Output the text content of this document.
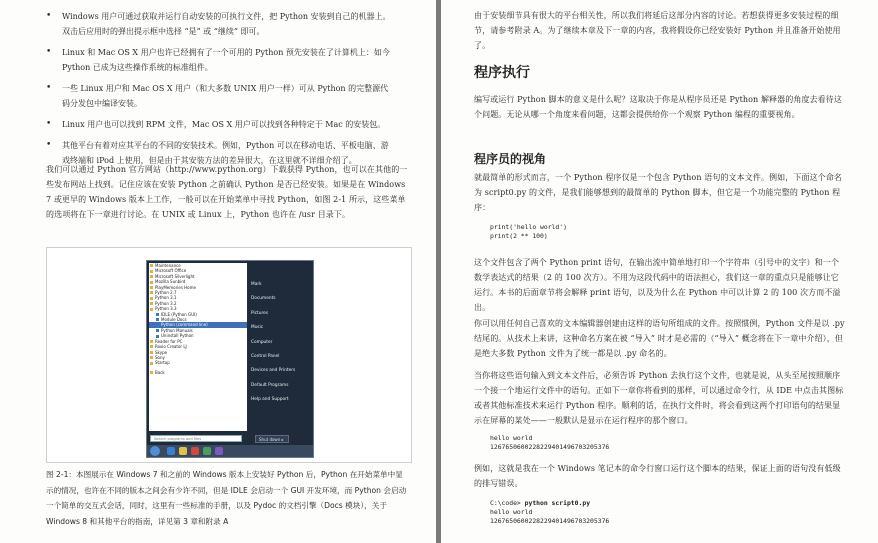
• Windows 用户可通过获取并运行自动安装的可执行文件，把 Python 安装到自己的机器上。双击后应用时的弹出提示框中选择 “是” 或 “继续” 即可。
• Linux 和 Mac OS X 用户也许已经拥有了一个可用的 Python 预先安装在了计算机上：如今 Python 已成为这些操作系统的标准组件。
• 一些 Linux 用户和 Mac OS X 用户（和大多数 UNIX 用户一样）可从 Python 的完整源代码分发包中编译安装。
• Linux 用户也可以找到 RPM 文件，Mac OS X 用户可以找到各种特定于 Mac 的安装包。
• 其他平台有着对应其平台的不同的安装技术。例如，Python 可以在移动电话、平板电脑、游戏终端和 iPod 上使用，但是由于其安装方法的差异很大，在这里就不详细介绍了。

我们可以通过 Python 官方网站（http://www.python.org）下载获得 Python，也可以在其他的一些发布网站上找到。记住应该在安装 Python 之前确认 Python 是否已经安装。如果是在 Windows 7 或更早的 Windows 版本上工作，一般可以在开始菜单中寻找 Python，如图 2-1 所示，这些菜单的选项将在下一章进行讨论。在 UNIX 或 Linux 上，Python 也许在 /usr 目录下。

Maintenance
Microsoft Office
Microsoft Silverlight
Mozilla Sunbird
PlayMemories Home
Python 2.7
Python 3.1
Python 3.2
Python 3.3
IDLE (Python GUI)
Module Docs
Python (command line)
Python Manuals
Uninstall Python
Reader for PC
Roxio Creator LJ
Skype
Sony
Startup
Back
Mark
Documents
Pictures
Music
Computer
Control Panel
Devices and Printers
Default Programs
Help and Support
Search programs and files	Shut down ▸

图 2-1：本图展示在 Windows 7 和之前的 Windows 版本上安装好 Python 后，Python 在开始菜单中显示的情况，也许在不同的版本之间会有少许不同，但是 IDLE 会启动一个 GUI 开发环境，而 Python 会启动一个简单的交互式会话，同时，这里有一些标准的手册，以及 Pydoc 的文档引擎（Docs 模块），关于 Windows 8 和其他平台的指南，详见第 3 章和附录 A

由于安装细节具有很大的平台相关性，所以我们将延后这部分内容的讨论。若想获得更多安装过程的细节，请参考附录 A。为了继续本章及下一章的内容，我将假设你已经安装好 Python 并且准备开始使用了。

程序执行

编写或运行 Python 脚本的意义是什么呢？这取决于你是从程序员还是 Python 解释器的角度去看待这个问题。无论从哪一个角度来看问题，这都会提供给你一个观察 Python 编程的重要视角。

程序员的视角

就最简单的形式而言，一个 Python 程序仅是一个包含 Python 语句的文本文件。例如，下面这个命名为 script0.py 的文件，是我们能够想到的最简单的 Python 脚本，但它是一个功能完整的 Python 程序：

print('hello world')
print(2 ** 100)

这个文件包含了两个 Python print 语句，在输出流中简单地打印一个字符串（引号中的文字）和一个数学表达式的结果（2 的 100 次方）。不用为这段代码中的语法担心，我们这一章的重点只是能够让它运行。本书的后面章节将会解释 print 语句，以及为什么在 Python 中可以计算 2 的 100 次方而不溢出。

你可以用任何自己喜欢的文本编辑器创建由这样的语句所组成的文件。按照惯例，Python 文件是以 .py 结尾的。从技术上来讲，这种命名方案在被 “导入” 时才是必需的（“导入” 概念将在下一章中介绍），但是绝大多数 Python 文件为了统一都是以 .py 命名的。

当你将这些语句输入到文本文件后，必须告诉 Python 去执行这个文件，也就是说，从头至尾按照顺序一个接一个地运行文件中的语句。正如下一章你将看到的那样，可以通过命令行，从 IDE 中点击其图标或者其他标准技术来运行 Python 程序。顺利的话，在执行文件时，将会看到这两个打印语句的结果显示在屏幕的某处——一般默认是显示在运行程序的那个窗口。

hello world
1267650600228229401496703205376

例如，这就是我在一个 Windows 笔记本的命令行窗口运行这个脚本的结果，保证上面的语句没有低级的排写错误。

C:\code> python script0.py
hello world
1267650600228229401496703205376
